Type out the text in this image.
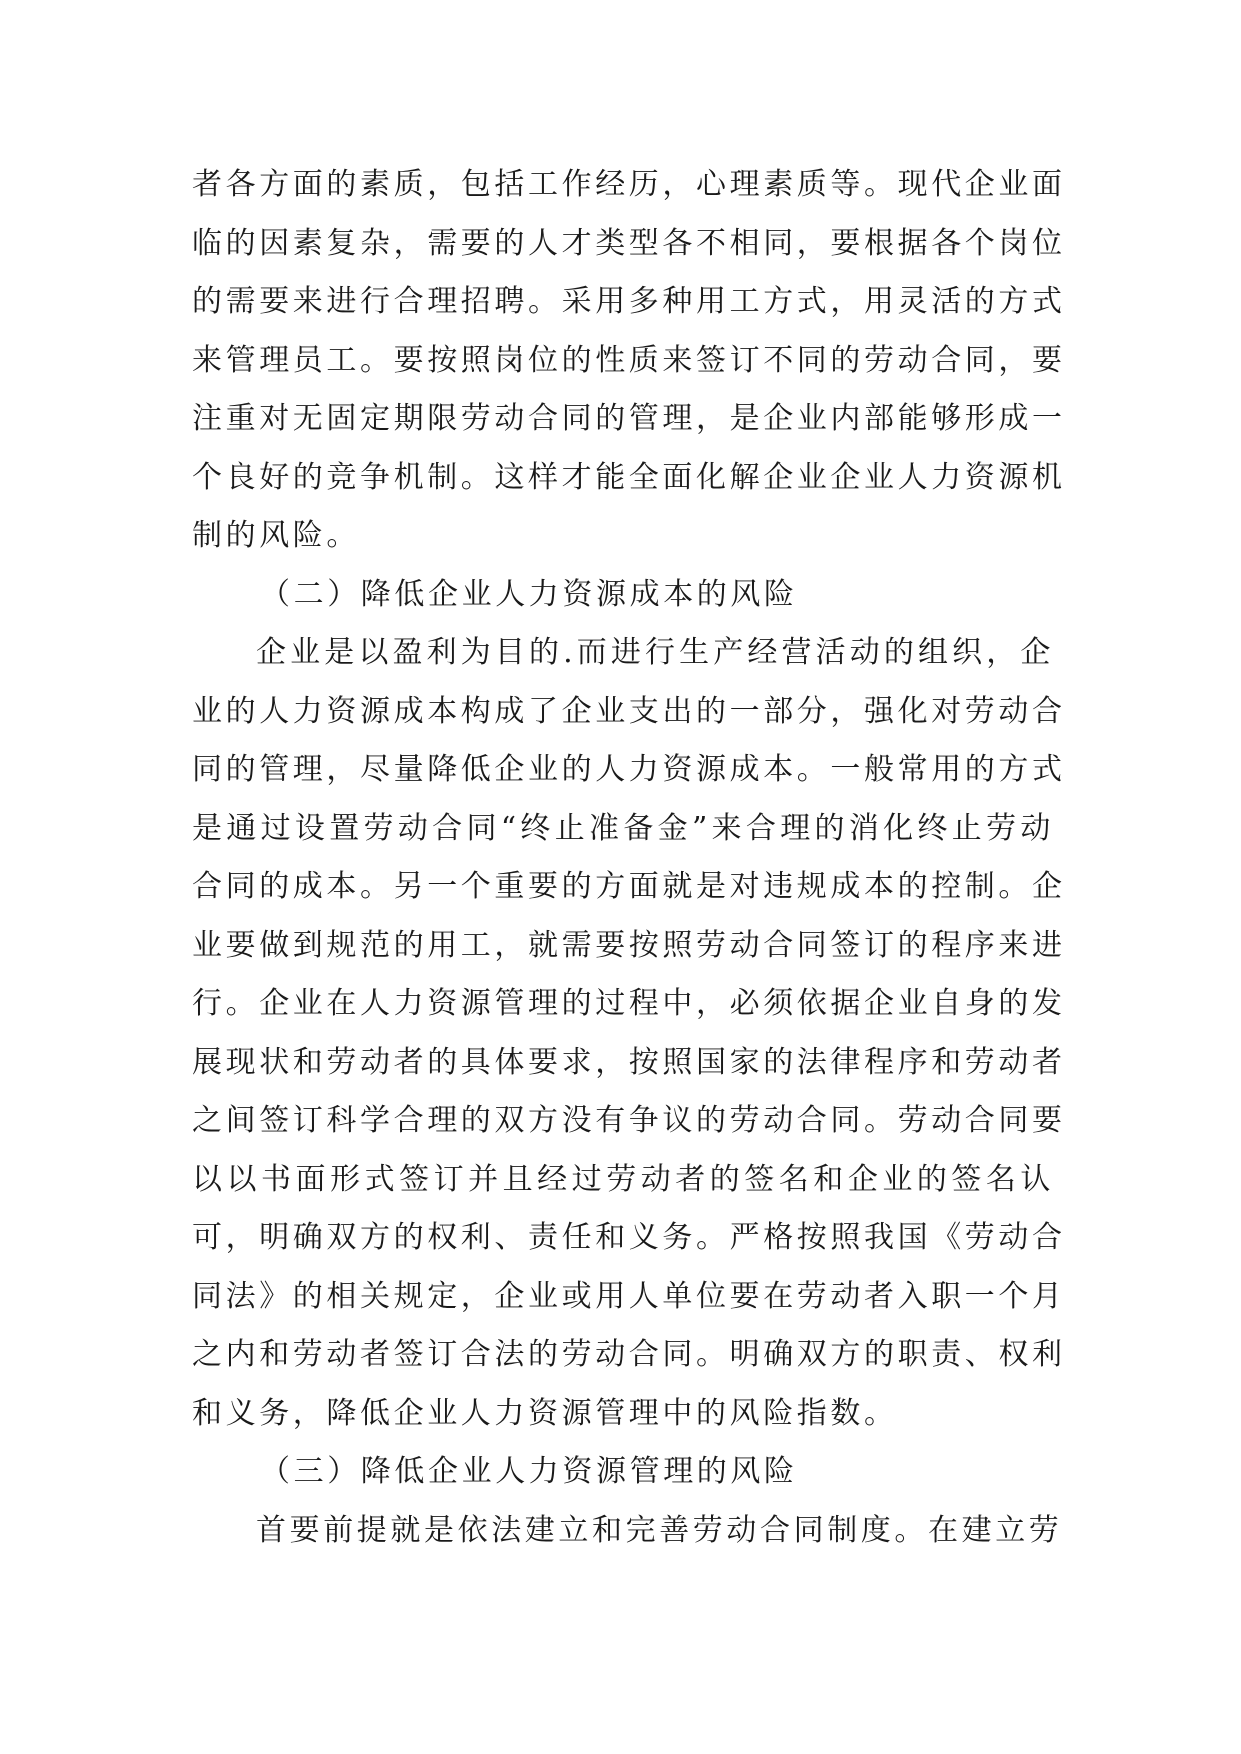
者各方面的素质，包括工作经历，心理素质等。现代企业面
临的因素复杂，需要的人才类型各不相同，要根据各个岗位
的需要来进行合理招聘。采用多种用工方式，用灵活的方式
来管理员工。要按照岗位的性质来签订不同的劳动合同，要
注重对无固定期限劳动合同的管理，是企业内部能够形成一
个良好的竞争机制。这样才能全面化解企业企业人力资源机
制的风险。
（二）降低企业人力资源成本的风险
企业是以盈利为目的.而进行生产经营活动的组织，企
业的人力资源成本构成了企业支出的一部分，强化对劳动合
同的管理，尽量降低企业的人力资源成本。一般常用的方式
是通过设置劳动合同“终止准备金”来合理的消化终止劳动
合同的成本。另一个重要的方面就是对违规成本的控制。企
业要做到规范的用工，就需要按照劳动合同签订的程序来进
行。企业在人力资源管理的过程中，必须依据企业自身的发
展现状和劳动者的具体要求，按照国家的法律程序和劳动者
之间签订科学合理的双方没有争议的劳动合同。劳动合同要
以以书面形式签订并且经过劳动者的签名和企业的签名认
可，明确双方的权利、责任和义务。严格按照我国《劳动合
同法》的相关规定，企业或用人单位要在劳动者入职一个月
之内和劳动者签订合法的劳动合同。明确双方的职责、权利
和义务，降低企业人力资源管理中的风险指数。
（三）降低企业人力资源管理的风险
首要前提就是依法建立和完善劳动合同制度。在建立劳
